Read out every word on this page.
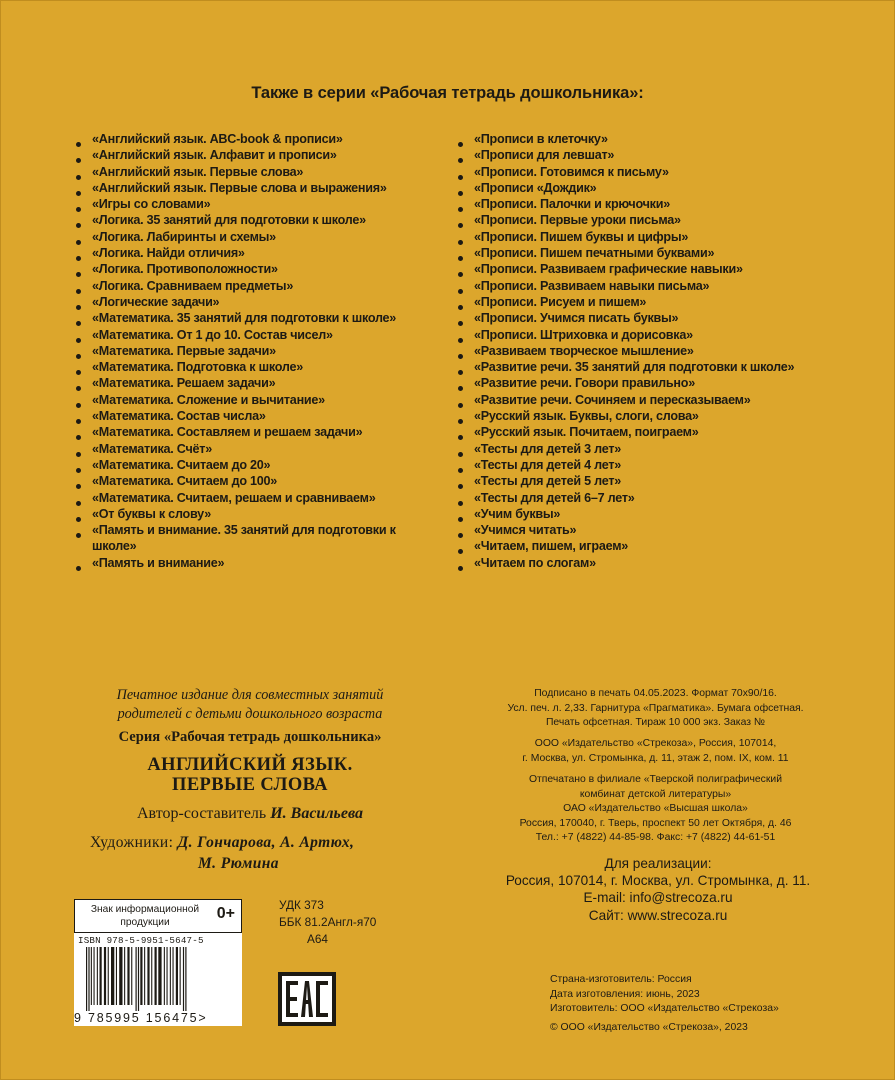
Также в серии «Рабочая тетрадь дошкольника»:
«Английский язык. ABC-book & прописи»
«Английский язык. Алфавит и прописи»
«Английский язык. Первые слова»
«Английский язык. Первые слова и выражения»
«Игры со словами»
«Логика. 35 занятий для подготовки к школе»
«Логика. Лабиринты и схемы»
«Логика. Найди отличия»
«Логика. Противоположности»
«Логика. Сравниваем предметы»
«Логические задачи»
«Математика. 35 занятий для подготовки к школе»
«Математика. От 1 до 10. Состав чисел»
«Математика. Первые задачи»
«Математика. Подготовка к школе»
«Математика. Решаем задачи»
«Математика. Сложение и вычитание»
«Математика. Состав числа»
«Математика. Составляем и решаем задачи»
«Математика. Счёт»
«Математика. Считаем до 20»
«Математика. Считаем до 100»
«Математика. Считаем, решаем и сравниваем»
«От буквы к слову»
«Память и внимание. 35 занятий для подготовки к школе»
«Память и внимание»
«Прописи в клеточку»
«Прописи для левшат»
«Прописи. Готовимся к письму»
«Прописи «Дождик»
«Прописи. Палочки и крючочки»
«Прописи. Первые уроки письма»
«Прописи. Пишем буквы и цифры»
«Прописи. Пишем печатными буквами»
«Прописи. Развиваем графические навыки»
«Прописи. Развиваем навыки письма»
«Прописи. Рисуем и пишем»
«Прописи. Учимся писать буквы»
«Прописи. Штриховка и дорисовка»
«Развиваем творческое мышление»
«Развитие речи. 35 занятий для подготовки к школе»
«Развитие речи. Говори правильно»
«Развитие речи. Сочиняем и пересказываем»
«Русский язык. Буквы, слоги, слова»
«Русский язык. Почитаем, поиграем»
«Тесты для детей 3 лет»
«Тесты для детей 4 лет»
«Тесты для детей 5 лет»
«Тесты для детей 6–7 лет»
«Учим буквы»
«Учимся читать»
«Читаем, пишем, играем»
«Читаем по слогам»
Печатное издание для совместных занятий
родителей с детьми дошкольного возраста
Серия «Рабочая тетрадь дошкольника»
АНГЛИЙСКИЙ ЯЗЫК.
ПЕРВЫЕ СЛОВА
Автор-составитель И. Васильева
Художники: Д. Гончарова, А. Артюх,
М. Рюмина
Подписано в печать 04.05.2023. Формат 70х90/16.
Усл. печ. л. 2,33. Гарнитура «Прагматика». Бумага офсетная.
Печать офсетная. Тираж 10 000 экз. Заказ №
ООО «Издательство «Стрекоза», Россия, 107014,
г. Москва, ул. Стромынка, д. 11, этаж 2, пом. IX, ком. 11
Отпечатано в филиале «Тверской полиграфический
комбинат детской литературы»
ОАО «Издательство «Высшая школа»
Россия, 170040, г. Тверь, проспект 50 лет Октября, д. 46
Тел.: +7 (4822) 44-85-98. Факс: +7 (4822) 44-61-51
Для реализации:
Россия, 107014, г. Москва, ул. Стромынка, д. 11.
E-mail: info@strecoza.ru
Сайт: www.strecoza.ru
Знак информационной
продукции
0+
ISBN 978-5-9951-5647-5
9 785995 156475>
УДК 373
ББК 81.2Англ-я70
А64
Страна-изготовитель: Россия
Дата изготовления: июнь, 2023
Изготовитель: ООО «Издательство «Стрекоза»
© ООО «Издательство «Стрекоза», 2023
